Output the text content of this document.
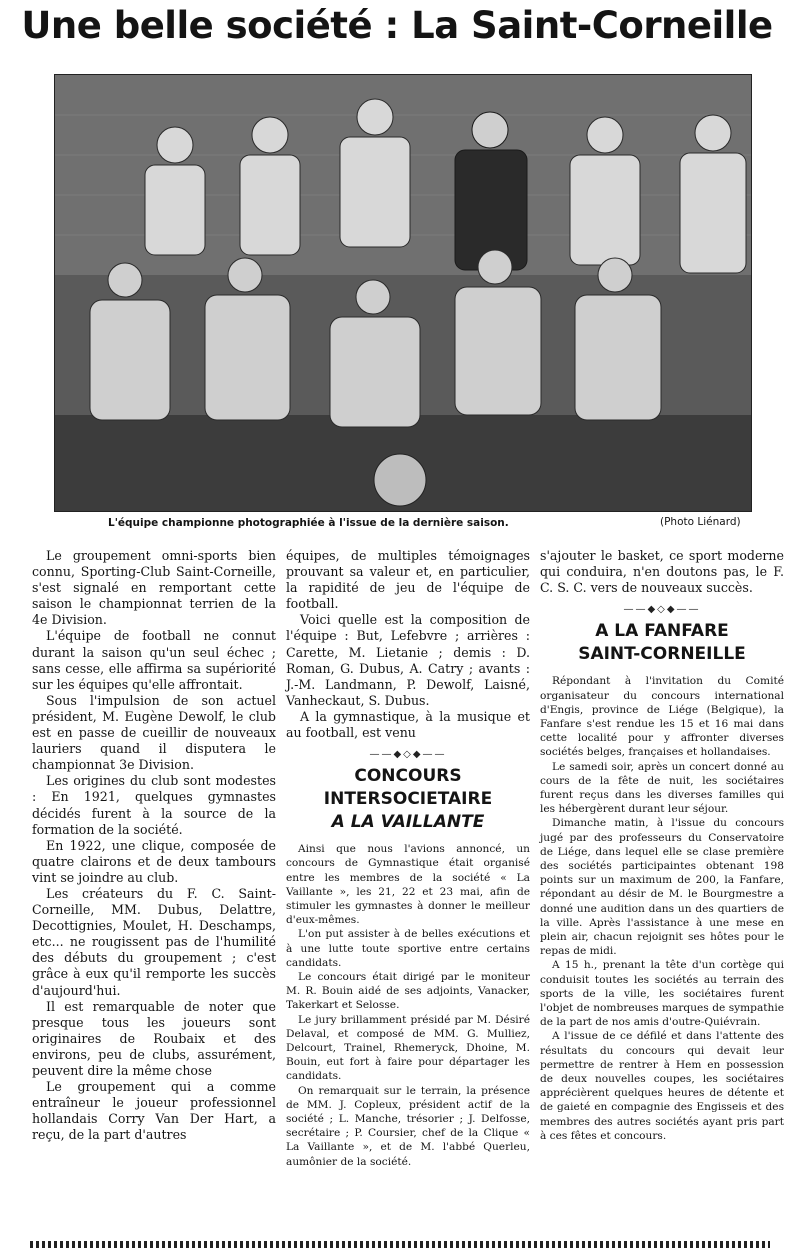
Une belle société : La Saint-Corneille
L'équipe championne photographiée à l'issue de la dernière saison.	(Photo Liénard)

Le groupement omni-sports bien connu, Sporting-Club Saint-Corneille, s'est signalé en remportant cette saison le championnat terrien de la 4e Division.

L'équipe de football ne connut durant la saison qu'un seul échec ; sans cesse, elle affirma sa supériorité sur les équipes qu'elle affrontait.

Sous l'impulsion de son actuel président, M. Eugène Dewolf, le club est en passe de cueillir de nouveaux lauriers quand il disputera le championnat 3e Division.

Les origines du club sont modestes : En 1921, quelques gymnastes décidés furent à la source de la formation de la société.

En 1922, une clique, composée de quatre clairons et de deux tambours vint se joindre au club.

Les créateurs du F. C. Saint-Corneille, MM. Dubus, Delattre, Decottignies, Moulet, H. Deschamps, etc... ne rougissent pas de l'humilité des débuts du groupement ; c'est grâce à eux qu'il remporte les succès d'aujourd'hui.

Il est remarquable de noter que presque tous les joueurs sont originaires de Roubaix et des environs, peu de clubs, assurément, peuvent dire la même chose

Le groupement qui a comme entraîneur le joueur professionnel hollandais Corry Van Der Hart, a reçu, de la part d'autres

équipes, de multiples témoignages prouvant sa valeur et, en particulier, la rapidité de jeu de l'équipe de football.

Voici quelle est la composition de l'équipe : But, Lefebvre ; arrières : Carette, M. Lietanie ; demis : D. Roman, G. Dubus, A. Catry ; avants : J.-M. Landmann, P. Dewolf, Laisné, Vanheckaut, S. Dubus.

A la gymnastique, à la musique et au football, est venu

——◆◇◆——
CONCOURS
INTERSOCIETAIRE
A LA VAILLANTE

Ainsi que nous l'avions annoncé, un concours de Gymnastique était organisé entre les membres de la société « La Vaillante », les 21, 22 et 23 mai, afin de stimuler les gymnastes à donner le meilleur d'eux-mêmes.

L'on put assister à de belles exécutions et à une lutte toute sportive entre certains candidats.

Le concours était dirigé par le moniteur M. R. Bouin aidé de ses adjoints, Vanacker, Takerkart et Selosse.

Le jury brillamment présidé par M. Désiré Delaval, et composé de MM. G. Mulliez, Delcourt, Trainel, Rhemeryck, Dhoine, M. Bouin, eut fort à faire pour départager les candidats.

On remarquait sur le terrain, la présence de MM. J. Copleux, président actif de la société ; L. Manche, trésorier ; J. Delfosse, secrétaire ; P. Coursier, chef de la Clique « La Vaillante », et de M. l'abbé Querleu, aumônier de la société.

s'ajouter le basket, ce sport moderne qui conduira, n'en doutons pas, le F. C. S. C. vers de nouveaux succès.

——◆◇◆——
A LA FANFARE
SAINT-CORNEILLE

Répondant à l'invitation du Comité organisateur du concours international d'Engis, province de Liége (Belgique), la Fanfare s'est rendue les 15 et 16 mai dans cette localité pour y affronter diverses sociétés belges, françaises et hollandaises.

Le samedi soir, après un concert donné au cours de la fête de nuit, les sociétaires furent reçus dans les diverses familles qui les hébergèrent durant leur séjour.

Dimanche matin, à l'issue du concours jugé par des professeurs du Conservatoire de Liége, dans lequel elle se clase première des sociétés participaintes obtenant 198 points sur un maximum de 200, la Fanfare, répondant au désir de M. le Bourgmestre a donné une audition dans un des quartiers de la ville. Après l'assistance à une mese en plein air, chacun rejoignit ses hôtes pour le repas de midi.

A 15 h., prenant la tête d'un cortège qui conduisit toutes les sociétés au terrain des sports de la ville, les sociétaires furent l'objet de nombreuses marques de sympathie de la part de nos amis d'outre-Quiévrain.

A l'issue de ce défilé et dans l'attente des résultats du concours qui devait leur permettre de rentrer à Hem en possession de deux nouvelles coupes, les sociétaires apprécièrent quelques heures de détente et de gaieté en compagnie des Engisseis et des membres des autres sociétés ayant pris part à ces fêtes et concours.
